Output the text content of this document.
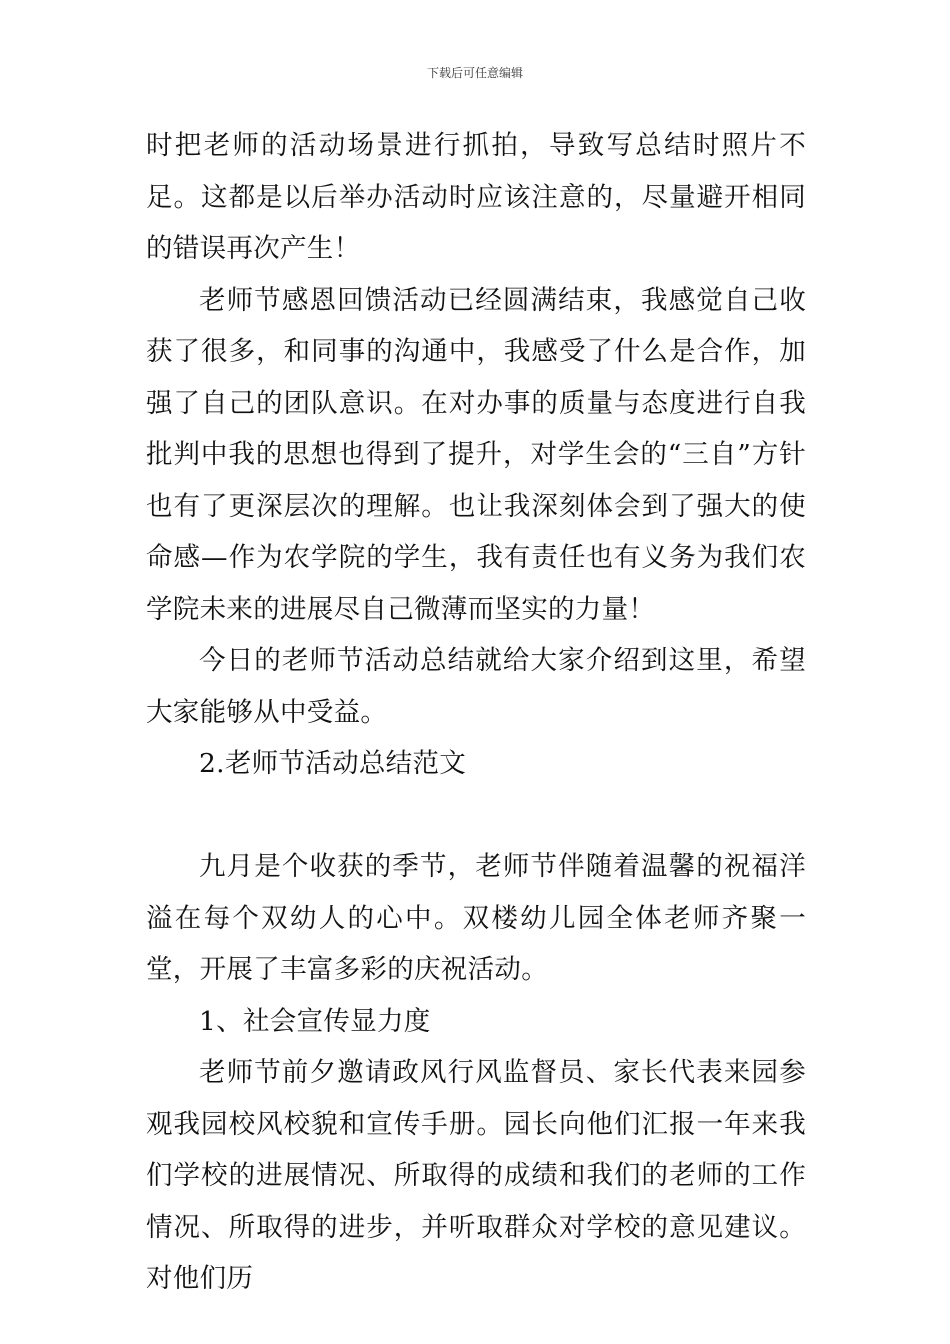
下载后可任意编辑

时把老师的活动场景进行抓拍，导致写总结时照片不足。这都是以后举办活动时应该注意的，尽量避开相同的错误再次产生！

老师节感恩回馈活动已经圆满结束，我感觉自己收获了很多，和同事的沟通中，我感受了什么是合作，加强了自己的团队意识。在对办事的质量与态度进行自我批判中我的思想也得到了提升，对学生会的“三自”方针也有了更深层次的理解。也让我深刻体会到了强大的使命感—作为农学院的学生，我有责任也有义务为我们农学院未来的进展尽自己微薄而坚实的力量！

今日的老师节活动总结就给大家介绍到这里，希望大家能够从中受益。

2.老师节活动总结范文

九月是个收获的季节，老师节伴随着温馨的祝福洋溢在每个双幼人的心中。双楼幼儿园全体老师齐聚一堂，开展了丰富多彩的庆祝活动。

1、社会宣传显力度

老师节前夕邀请政风行风监督员、家长代表来园参观我园校风校貌和宣传手册。园长向他们汇报一年来我们学校的进展情况、所取得的成绩和我们的老师的工作情况、所取得的进步，并听取群众对学校的意见建议。对他们历
